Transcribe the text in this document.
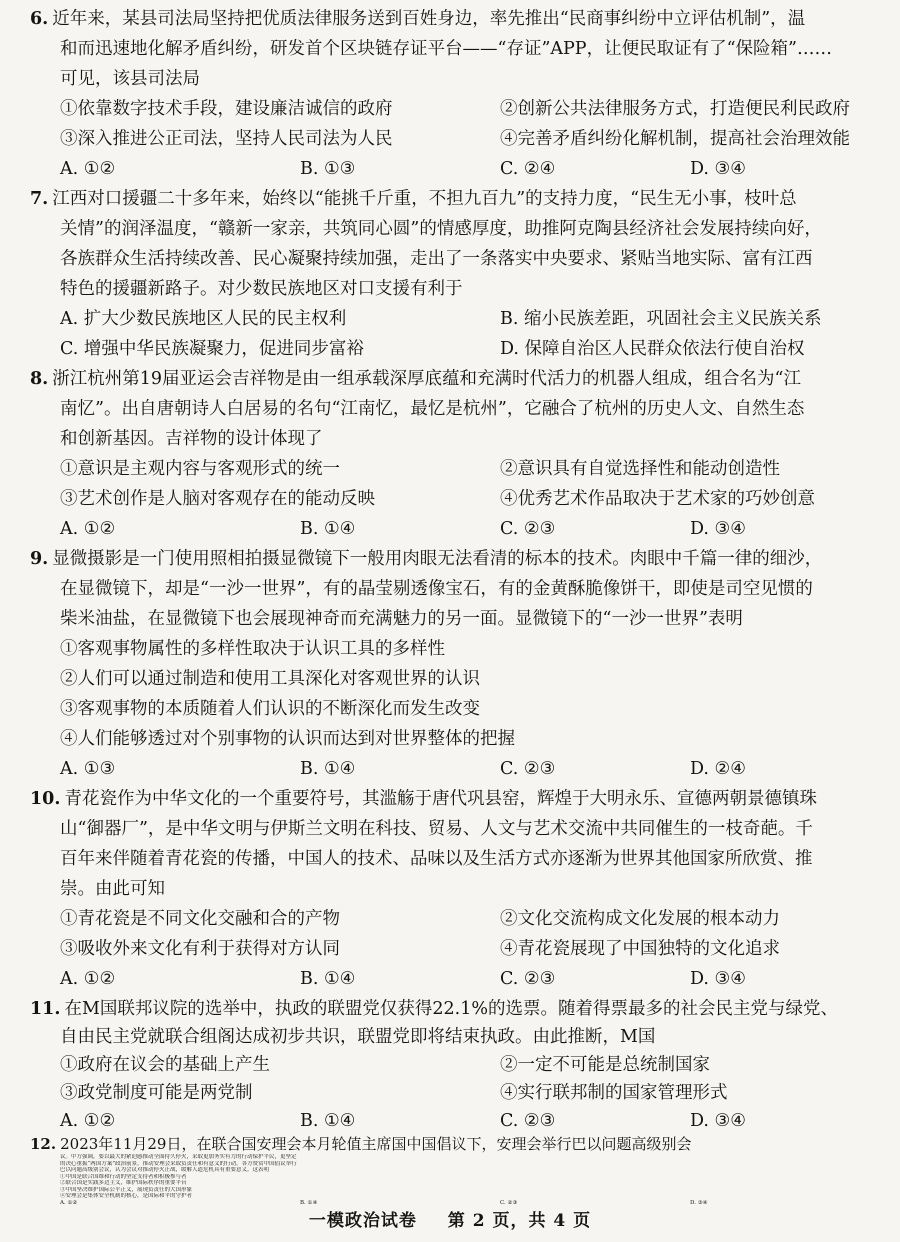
6. 近年来，某县司法局坚持把优质法律服务送到百姓身边，率先推出“民商事纠纷中立评估机制”，温
和而迅速地化解矛盾纠纷，研发首个区块链存证平台——“存证”APP，让便民取证有了“保险箱”……
可见，该县司法局
①依靠数字技术手段，建设廉洁诚信的政府	②创新公共法律服务方式，打造便民利民政府
③深入推进公正司法，坚持人民司法为人民	④完善矛盾纠纷化解机制，提高社会治理效能
A. ①②	B. ①③	C. ②④	D. ③④
7. 江西对口援疆二十多年来，始终以“能挑千斤重，不担九百九”的支持力度，“民生无小事，枝叶总
关情”的润泽温度，“赣新一家亲，共筑同心圆”的情感厚度，助推阿克陶县经济社会发展持续向好，
各族群众生活持续改善、民心凝聚持续加强，走出了一条落实中央要求、紧贴当地实际、富有江西
特色的援疆新路子。对少数民族地区对口支援有利于
A. 扩大少数民族地区人民的民主权利	B. 缩小民族差距，巩固社会主义民族关系
C. 增强中华民族凝聚力，促进同步富裕	D. 保障自治区人民群众依法行使自治权
8. 浙江杭州第19届亚运会吉祥物是由一组承载深厚底蕴和充满时代活力的机器人组成，组合名为“江
南忆”。出自唐朝诗人白居易的名句“江南忆，最忆是杭州”，它融合了杭州的历史人文、自然生态
和创新基因。吉祥物的设计体现了
①意识是主观内容与客观形式的统一	②意识具有自觉选择性和能动创造性
③艺术创作是人脑对客观存在的能动反映	④优秀艺术作品取决于艺术家的巧妙创意
A. ①②	B. ①④	C. ②③	D. ③④
9. 显微摄影是一门使用照相拍摄显微镜下一般用肉眼无法看清的标本的技术。肉眼中千篇一律的细沙，
在显微镜下，却是“一沙一世界”，有的晶莹剔透像宝石，有的金黄酥脆像饼干，即使是司空见惯的
柴米油盐，在显微镜下也会展现神奇而充满魅力的另一面。显微镜下的“一沙一世界”表明
①客观事物属性的多样性取决于认识工具的多样性
②人们可以通过制造和使用工具深化对客观世界的认识
③客观事物的本质随着人们认识的不断深化而发生改变
④人们能够透过对个别事物的认识而达到对世界整体的把握
A. ①③	B. ①④	C. ②③	D. ②④
10. 青花瓷作为中华文化的一个重要符号，其滥觞于唐代巩县窑，辉煌于大明永乐、宣德两朝景德镇珠
山“御器厂”，是中华文明与伊斯兰文明在科技、贸易、人文与艺术交流中共同催生的一枝奇葩。千
百年来伴随着青花瓷的传播，中国人的技术、品味以及生活方式亦逐渐为世界其他国家所欣赏、推
崇。由此可知
①青花瓷是不同文化交融和合的产物	②文化交流构成文化发展的根本动力
③吸收外来文化有利于获得对方认同	④青花瓷展现了中国独特的文化追求
A. ①②	B. ①④	C. ②③	D. ③④
11. 在M国联邦议院的选举中，执政的联盟党仅获得22.1%的选票。随着得票最多的社会民主党与绿党、
自由民主党就联合组阁达成初步共识，联盟党即将结束执政。由此推断，M国
①政府在议会的基础上产生	②一定不可能是总统制国家
③政党制度可能是两党制	④实行联邦制的国家管理形式
A. ①②	B. ①④	C. ②③	D. ③④
12. 2023年11月29日，在联合国安理会本月轮值主席国中国倡议下，安理会举行巴以问题高级别会
议。中方强调，要以最大的紧迫感推动全面持久停火，采取更加务实有力的行动保护平民，更坚定
的决心重振“两国方案”政治前景，推动安理会采取负责任和有意义的行动。各方赞赏中国倡议举行
巴以问题高级别会议，认为会议对推动停火止战，缓解人道危机具有重要意义。这表明
①中国是联合国维和行动的坚定支持者和积极参与者
②联合国是实践多边主义，维护国际秩序的重要平台
③中国坚决维护国际公平正义，展现负责任的大国形象
④安理会是集体安全机制的核心，是国际和平的守护者
A. ①②	B. ①④	C. ②③	D. ③④
一模政治试卷 第 2 页，共 4 页
